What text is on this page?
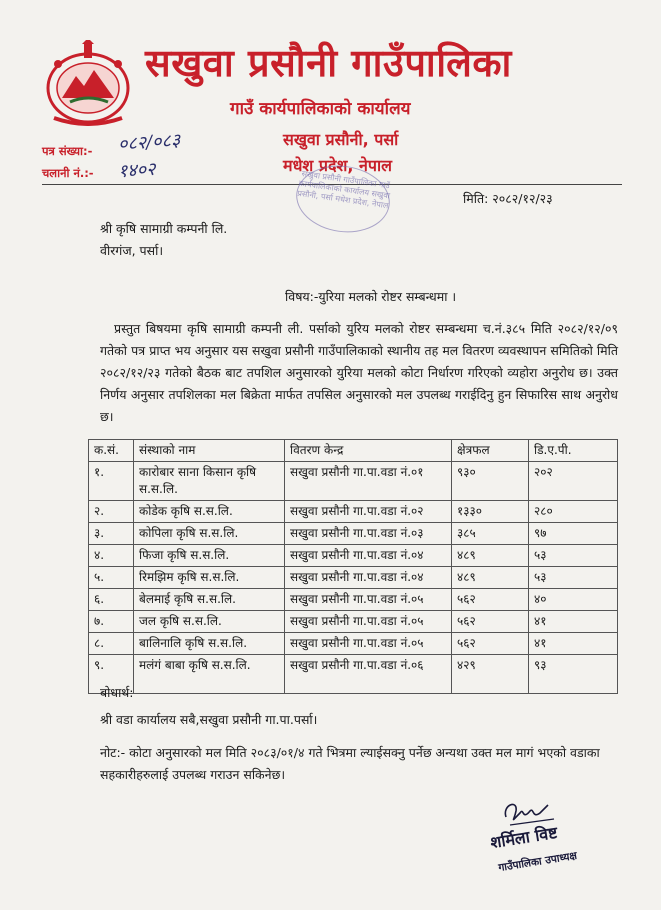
सखुवा प्रसौनी गाउँपालिका
गाउँ कार्यपालिकाको कार्यालय
सखुवा प्रसौनी, पर्सा
मधेश प्रदेश, नेपाल
पत्र संख्या:- ०८२/०८३
चलानी नं.:- १४०२	सखुवा प्रसौनी गाउँपालिका गाउँ कार्यपालिकाको कार्यालय सखुवा प्रसौनी, पर्सा मधेश प्रदेश, नेपाल	मिति: २०८२/१२/२३
श्री कृषि सामाग्री कम्पनी लि.
वीरगंज, पर्सा।
विषय:-युरिया मलको रोष्टर सम्बन्धमा ।
प्रस्तुत बिषयमा कृषि सामाग्री कम्पनी ली. पर्साको युरिय मलको रोष्टर सम्बन्धमा च.नं.३८५ मिति २०८२/१२/०९ गतेको पत्र प्राप्त भय अनुसार यस सखुवा प्रसौनी गाउँपालिकाको स्थानीय तह मल वितरण व्यवस्थापन समितिको मिति २०८२/१२/२३ गतेको बैठक बाट तपशिल अनुसारको युरिया मलको कोटा निर्धारण गरिएको व्यहोरा अनुरोध छ। उक्त निर्णय अनुसार तपशिलका मल बिक्रेता मार्फत तपसिल अनुसारको मल उपलब्ध गराईदिनु हुन सिफारिस साथ अनुरोध छ।
क.सं.	संस्थाको नाम	वितरण केन्द्र	क्षेत्रफल	डि.ए.पी.
१.	कारोबार साना किसान कृषि स.स.लि.	सखुवा प्रसौनी गा.पा.वडा नं.०१	९३०	२०२
२.	कोडेक कृषि स.स.लि.	सखुवा प्रसौनी गा.पा.वडा नं.०२	१३३०	२८०
३.	कोपिला कृषि स.स.लि.	सखुवा प्रसौनी गा.पा.वडा नं.०३	३८५	९७
४.	फिजा कृषि स.स.लि.	सखुवा प्रसौनी गा.पा.वडा नं.०४	४८९	५३
५.	रिमझिम कृषि स.स.लि.	सखुवा प्रसौनी गा.पा.वडा नं.०४	४८९	५३
६.	बेलमाई कृषि स.स.लि.	सखुवा प्रसौनी गा.पा.वडा नं.०५	५६२	४०
७.	जल कृषि स.स.लि.	सखुवा प्रसौनी गा.पा.वडा नं.०५	५६२	४१
८.	बालिनालि कृषि स.स.लि.	सखुवा प्रसौनी गा.पा.वडा नं.०५	५६२	४१
९.	मलंगं बाबा कृषि स.स.लि.	सखुवा प्रसौनी गा.पा.वडा नं.०६	४२९	९३
बोधार्थ:
श्री वडा कार्यालय सबै,सखुवा प्रसौनी गा.पा.पर्सा।
नोट:- कोटा अनुसारको मल मिति २०८३/०१/४ गते भित्रमा ल्याईसक्नु पर्नेछ अन्यथा उक्त मल मागं भएको वडाका सहकारीहरुलाई उपलब्ध गराउन सकिनेछ।
शर्मिला विष्ट
गाउँपालिका उपाध्यक्ष
